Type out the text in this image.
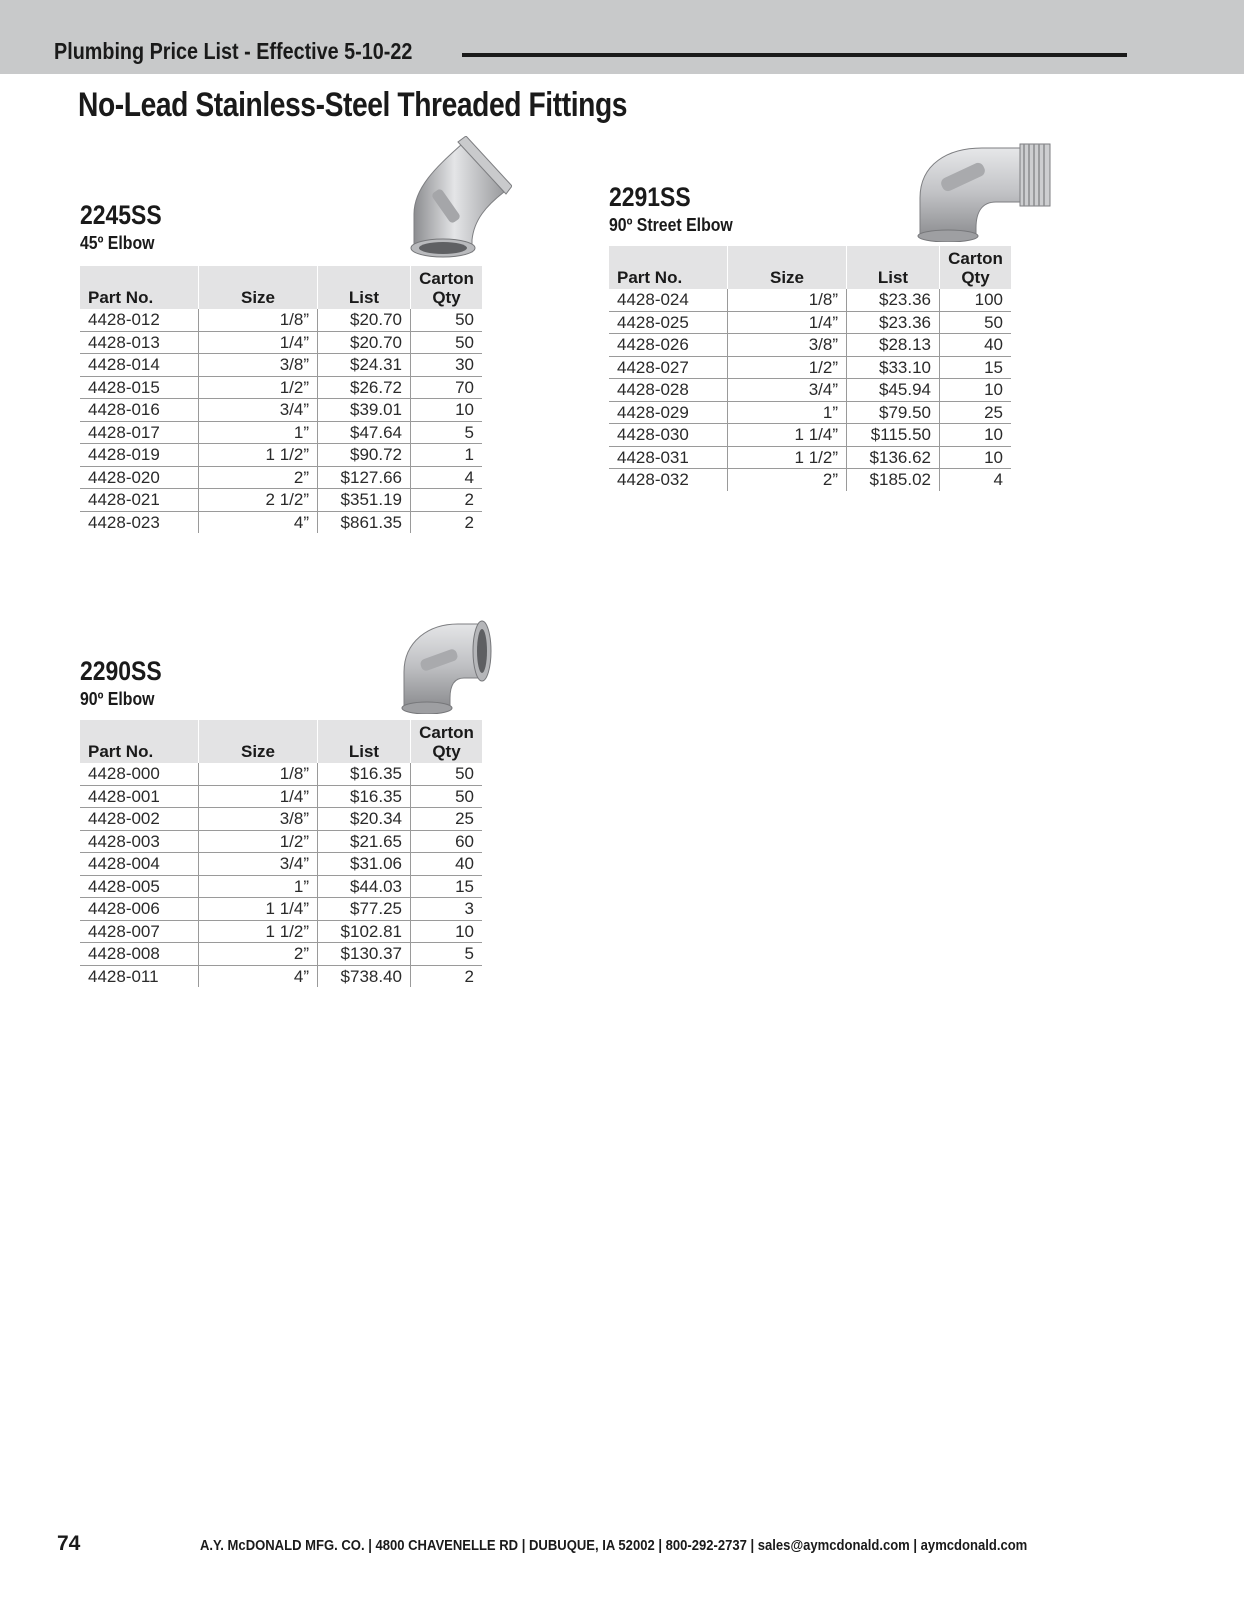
Plumbing Price List - Effective 5-10-22
No-Lead Stainless-Steel Threaded Fittings
2245SS
45º Elbow
Part No.	Size	List	Carton
Qty
4428-012	1/8”	$20.70	50
4428-013	1/4”	$20.70	50
4428-014	3/8”	$24.31	30
4428-015	1/2”	$26.72	70
4428-016	3/4”	$39.01	10
4428-017	1”	$47.64	5
4428-019	1 1/2”	$90.72	1
4428-020	2”	$127.66	4
4428-021	2 1/2”	$351.19	2
4428-023	4”	$861.35	2
2291SS
90º Street Elbow
Part No.	Size	List	Carton
Qty
4428-024	1/8”	$23.36	100
4428-025	1/4”	$23.36	50
4428-026	3/8”	$28.13	40
4428-027	1/2”	$33.10	15
4428-028	3/4”	$45.94	10
4428-029	1”	$79.50	25
4428-030	1 1/4”	$115.50	10
4428-031	1 1/2”	$136.62	10
4428-032	2”	$185.02	4
2290SS
90º Elbow
Part No.	Size	List	Carton
Qty
4428-000	1/8”	$16.35	50
4428-001	1/4”	$16.35	50
4428-002	3/8”	$20.34	25
4428-003	1/2”	$21.65	60
4428-004	3/4”	$31.06	40
4428-005	1”	$44.03	15
4428-006	1 1/4”	$77.25	3
4428-007	1 1/2”	$102.81	10
4428-008	2”	$130.37	5
4428-011	4”	$738.40	2
74	A.Y. McDONALD MFG. CO. | 4800 CHAVENELLE RD | DUBUQUE, IA 52002 | 800-292-2737 | sales@aymcdonald.com | aymcdonald.com
